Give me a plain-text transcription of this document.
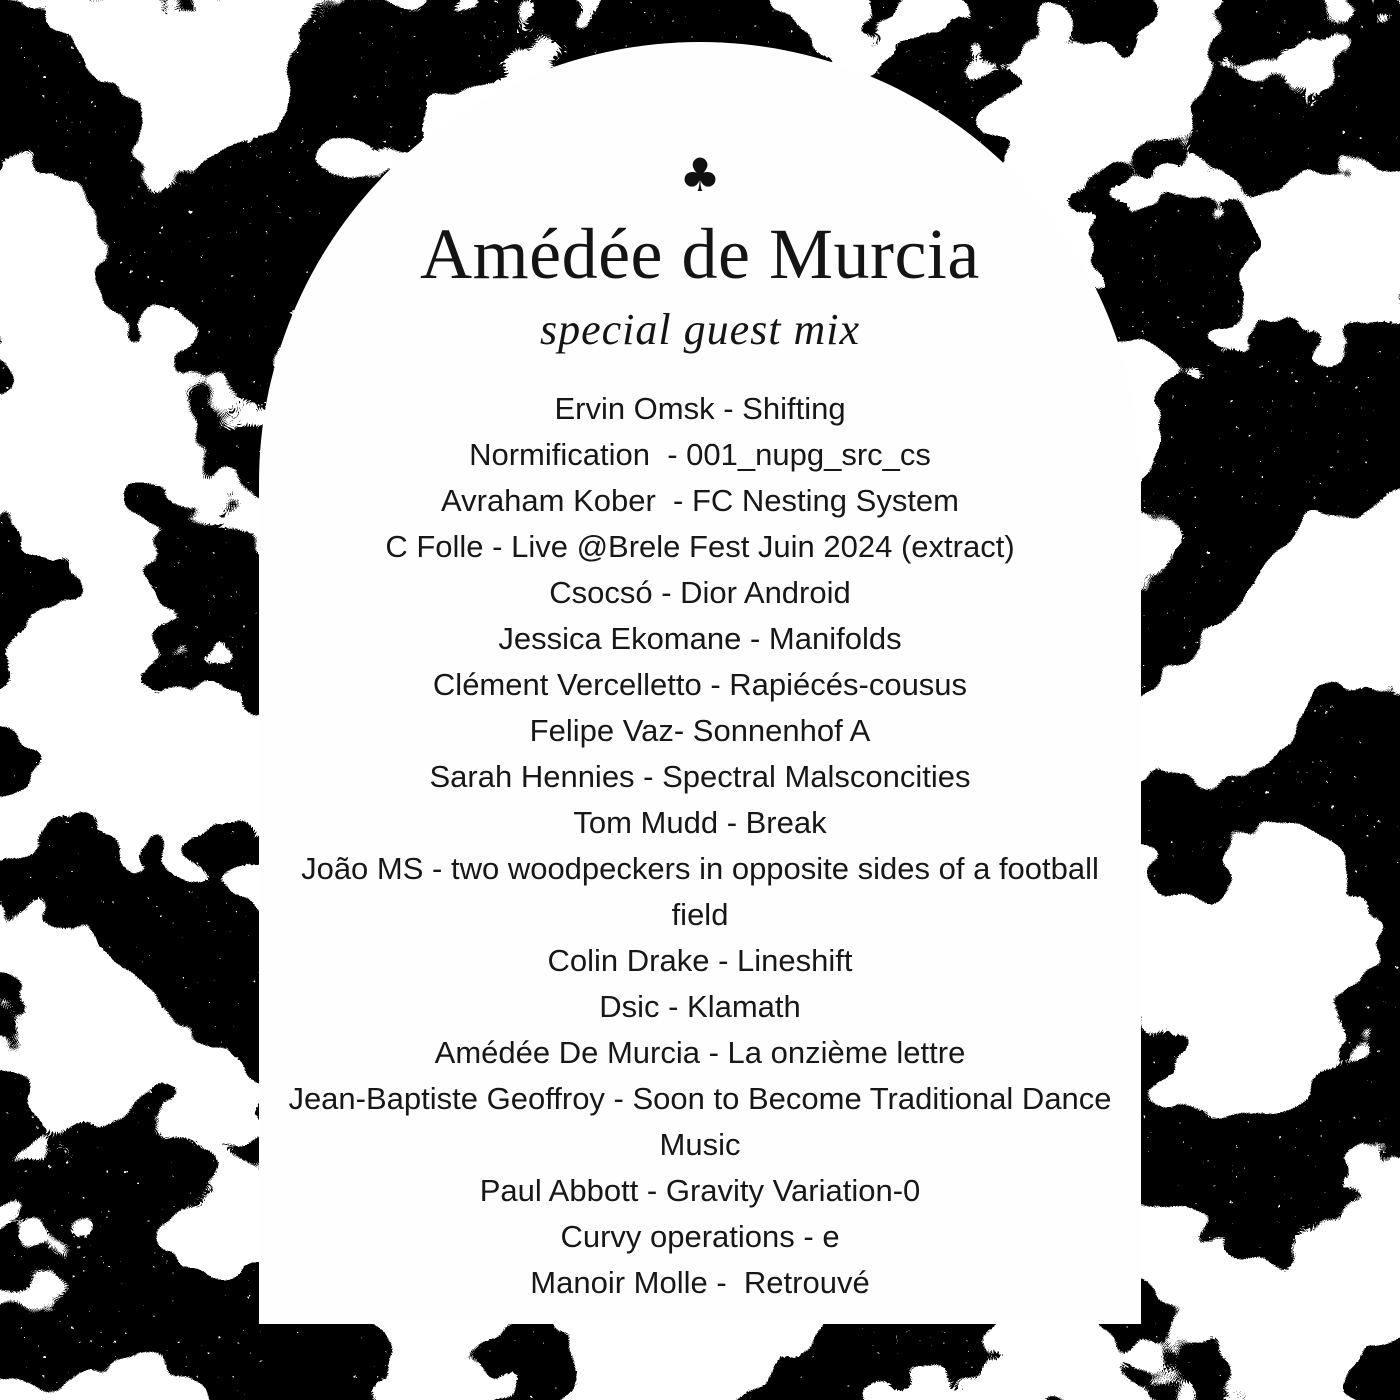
♣
Amédée de Murcia
special guest mix
Ervin Omsk - Shifting
Normification  - 001_nupg_src_cs
Avraham Kober  - FC Nesting System
C Folle - Live @Brele Fest Juin 2024 (extract)
Csocsó - Dior Android
Jessica Ekomane - Manifolds
Clément Vercelletto - Rapiécés-cousus
Felipe Vaz- Sonnenhof A
Sarah Hennies - Spectral Malsconcities
Tom Mudd - Break
João MS - two woodpeckers in opposite sides of a football field
Colin Drake - Lineshift
Dsic - Klamath
Amédée De Murcia - La onzième lettre
Jean-Baptiste Geoffroy - Soon to Become Traditional Dance Music
Paul Abbott - Gravity Variation-0
Curvy operations - e
Manoir Molle -  Retrouvé
